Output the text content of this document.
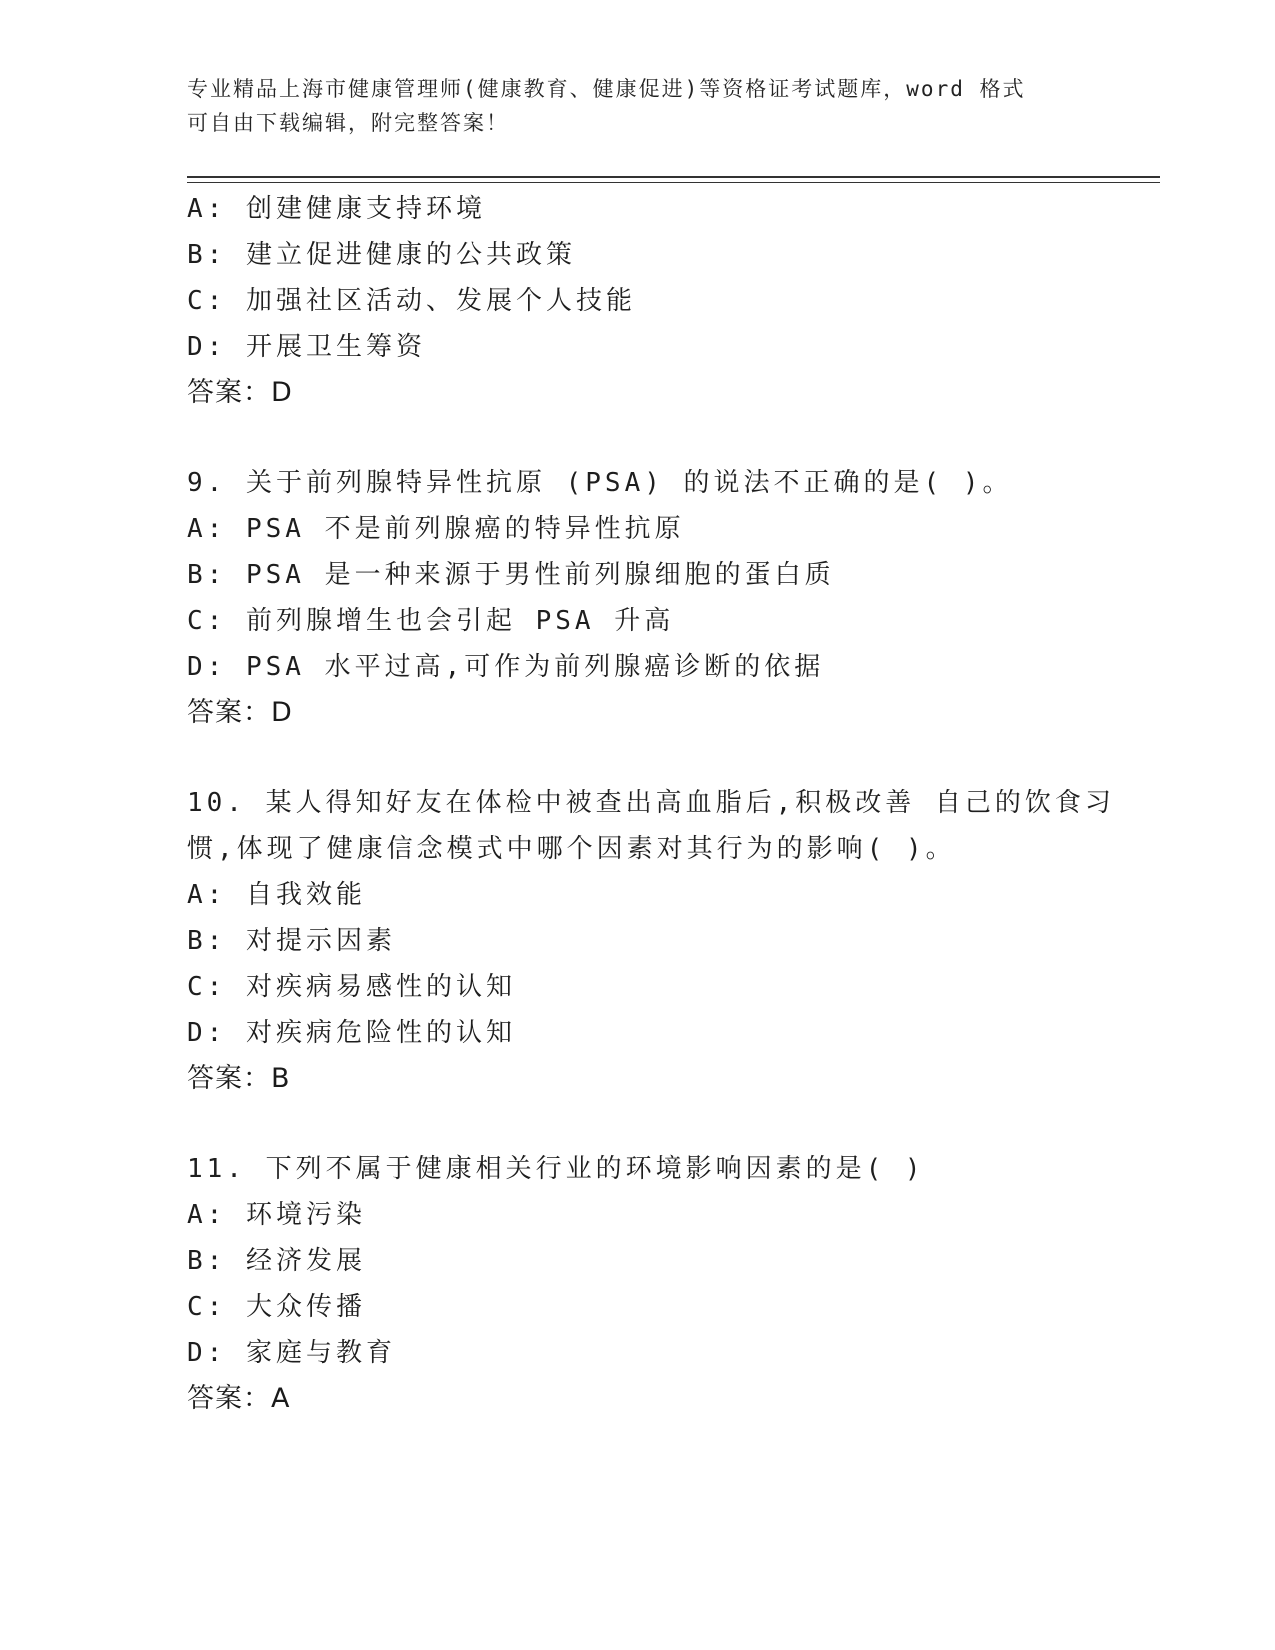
专业精品上海市健康管理师(健康教育、健康促进)等资格证考试题库，word 格式
可自由下载编辑，附完整答案！
A: 创建健康支持环境
B: 建立促进健康的公共政策
C: 加强社区活动、发展个人技能
D: 开展卫生筹资
答案：D
9. 关于前列腺特异性抗原 (PSA) 的说法不正确的是( )。
A: PSA 不是前列腺癌的特异性抗原
B: PSA 是一种来源于男性前列腺细胞的蛋白质
C: 前列腺增生也会引起 PSA 升高
D: PSA 水平过高,可作为前列腺癌诊断的依据
答案：D
10. 某人得知好友在体检中被查出高血脂后,积极改善 自己的饮食习
惯,体现了健康信念模式中哪个因素对其行为的影响( )。
A: 自我效能
B: 对提示因素
C: 对疾病易感性的认知
D: 对疾病危险性的认知
答案：B
11. 下列不属于健康相关行业的环境影响因素的是( )
A: 环境污染
B: 经济发展
C: 大众传播
D: 家庭与教育
答案：A
